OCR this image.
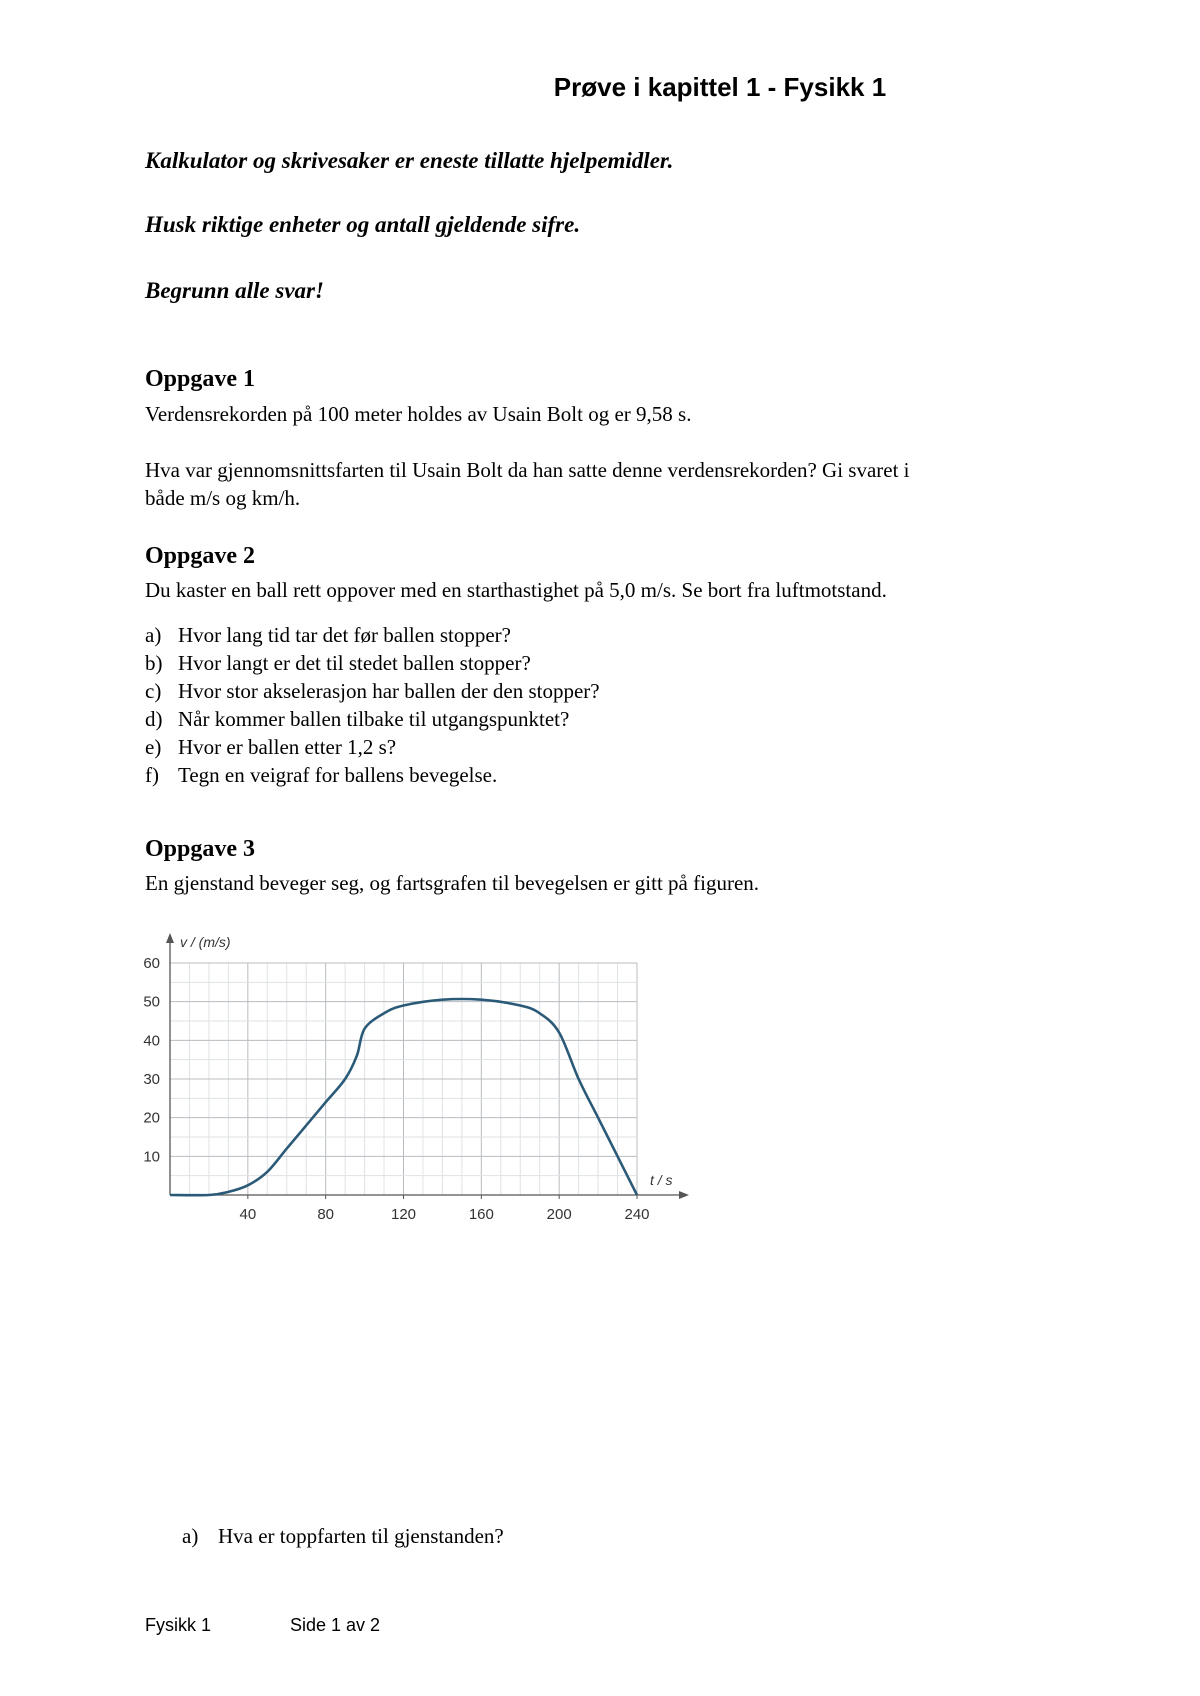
Prøve i kapittel 1 - Fysikk 1
Kalkulator og skrivesaker er eneste tillatte hjelpemidler.
Husk riktige enheter og antall gjeldende sifre.
Begrunn alle svar!
Oppgave 1
Verdensrekorden på 100 meter holdes av Usain Bolt og er 9,58 s.
Hva var gjennomsnittsfarten til Usain Bolt da han satte denne verdensrekorden? Gi svaret i
både m/s og km/h.
Oppgave 2
Du kaster en ball rett oppover med en starthastighet på 5,0 m/s. Se bort fra luftmotstand.
a) Hvor lang tid tar det før ballen stopper?
b) Hvor langt er det til stedet ballen stopper?
c) Hvor stor akselerasjon har ballen der den stopper?
d) Når kommer ballen tilbake til utgangspunktet?
e) Hvor er ballen etter 1,2 s?
f) Tegn en veigraf for ballens bevegelse.
Oppgave 3
En gjenstand beveger seg, og fartsgrafen til bevegelsen er gitt på figuren.
40	80	120	160	200	240
10
20
30
40
50
60
v / (m/s)
t / s
a) Hva er toppfarten til gjenstanden?
Fysikk 1	Side 1 av 2
